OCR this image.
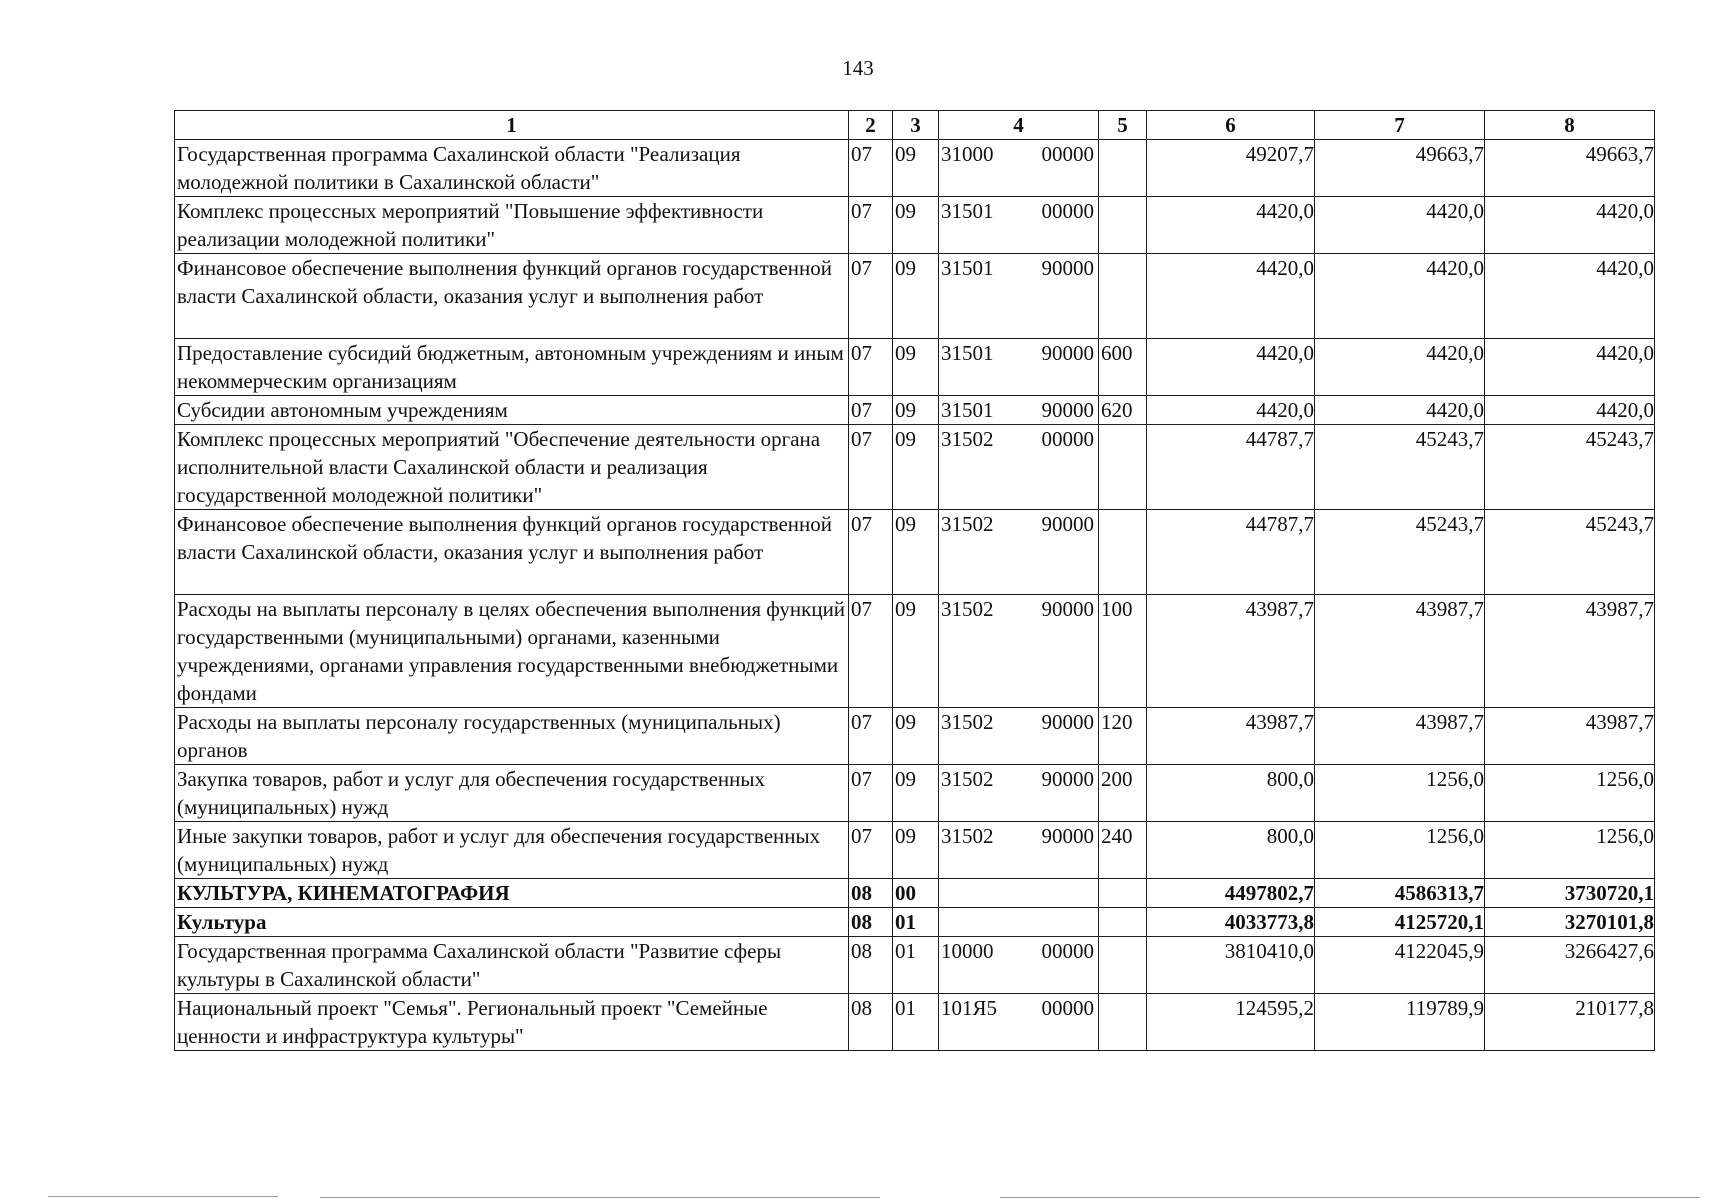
143
1	2	3	4	5	6	7	8
Государственная программа Сахалинской области "Реализация молодежной политики в Сахалинской области"	07	09	31000 00000		49207,7	49663,7	49663,7
Комплекс процессных мероприятий "Повышение эффективности реализации молодежной политики"	07	09	31501 00000		4420,0	4420,0	4420,0
Финансовое обеспечение выполнения функций органов государственной власти Сахалинской области, оказания услуг и выполнения работ	07	09	31501 90000		4420,0	4420,0	4420,0
Предоставление субсидий бюджетным, автономным учреждениям и иным некоммерческим организациям	07	09	31501 90000	600	4420,0	4420,0	4420,0
Субсидии автономным учреждениям	07	09	31501 90000	620	4420,0	4420,0	4420,0
Комплекс процессных мероприятий "Обеспечение деятельности органа исполнительной власти Сахалинской области и реализация государственной молодежной политики"	07	09	31502 00000		44787,7	45243,7	45243,7
Финансовое обеспечение выполнения функций органов государственной власти Сахалинской области, оказания услуг и выполнения работ	07	09	31502 90000		44787,7	45243,7	45243,7
Расходы на выплаты персоналу в целях обеспечения выполнения функций государственными (муниципальными) органами, казенными учреждениями, органами управления государственными внебюджетными фондами	07	09	31502 90000	100	43987,7	43987,7	43987,7
Расходы на выплаты персоналу государственных (муниципальных) органов	07	09	31502 90000	120	43987,7	43987,7	43987,7
Закупка товаров, работ и услуг для обеспечения государственных (муниципальных) нужд	07	09	31502 90000	200	800,0	1256,0	1256,0
Иные закупки товаров, работ и услуг для обеспечения государственных (муниципальных) нужд	07	09	31502 90000	240	800,0	1256,0	1256,0
КУЛЬТУРА, КИНЕМАТОГРАФИЯ	08	00			4497802,7	4586313,7	3730720,1
Культура	08	01			4033773,8	4125720,1	3270101,8
Государственная программа Сахалинской области "Развитие сферы культуры в Сахалинской области"	08	01	10000 00000		3810410,0	4122045,9	3266427,6
Национальный проект "Семья". Региональный проект "Семейные ценности и инфраструктура культуры"	08	01	101Я5 00000		124595,2	119789,9	210177,8
